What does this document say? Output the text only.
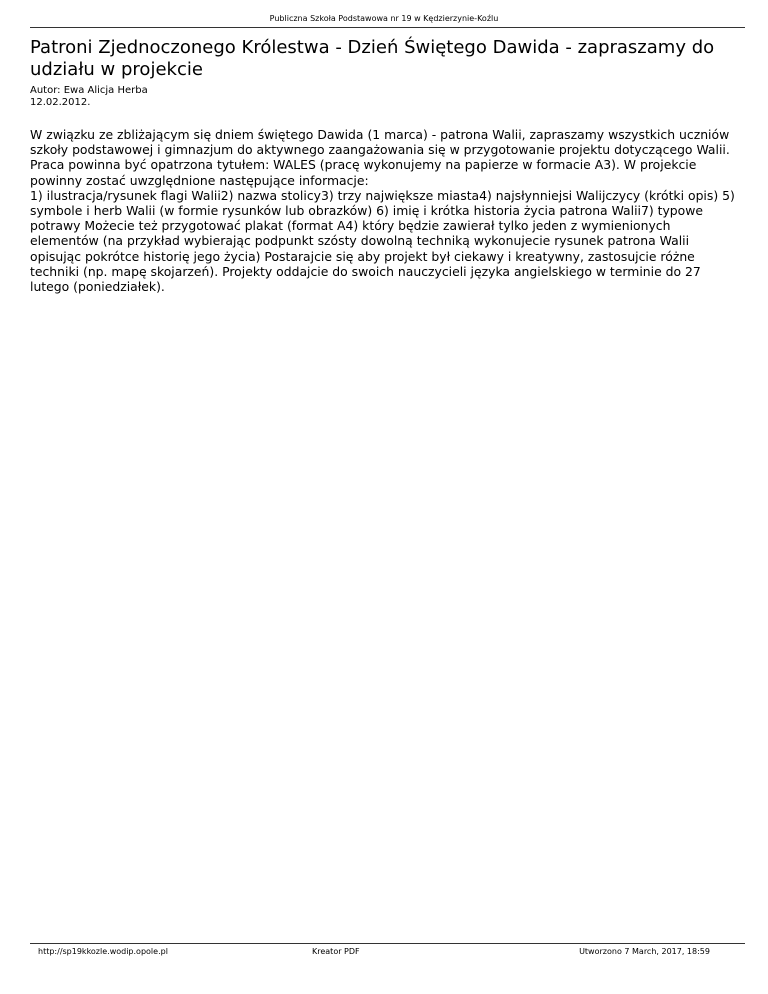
Publiczna Szkoła Podstawowa nr 19 w Kędzierzynie-Koźlu
Patroni Zjednoczonego Królestwa - Dzień Świętego Dawida - zapraszamy do udziału w projekcie
Autor: Ewa Alicja Herba
12.02.2012.

W związku ze zbliżającym się dniem świętego Dawida (1 marca) - patrona Walii, zapraszamy wszystkich uczniów szkoły podstawowej i gimnazjum do aktywnego zaangażowania się w przygotowanie projektu dotyczącego Walii. Praca powinna być opatrzona tytułem: WALES (pracę wykonujemy na papierze w formacie A3). W projekcie powinny zostać uwzględnione następujące informacje:

1) ilustracja/rysunek flagi Walii2) nazwa stolicy3) trzy największe miasta4) najsłynniejsi Walijczycy (krótki opis) 5) symbole i herb Walii (w formie rysunków lub obrazków) 6) imię i krótka historia życia patrona Walii7) typowe potrawy Możecie też przygotować plakat (format A4) który będzie zawierał tylko jeden z wymienionych elementów (na przykład wybierając podpunkt szósty dowolną techniką wykonujecie rysunek patrona Walii opisując pokrótce historię jego życia) Postarajcie się aby projekt był ciekawy i kreatywny, zastosujcie różne techniki (np. mapę skojarzeń). Projekty oddajcie do swoich nauczycieli języka angielskiego w terminie do 27 lutego (poniedziałek).

http://sp19kkozle.wodip.opole.pl	Kreator PDF	Utworzono 7 March, 2017, 18:59
